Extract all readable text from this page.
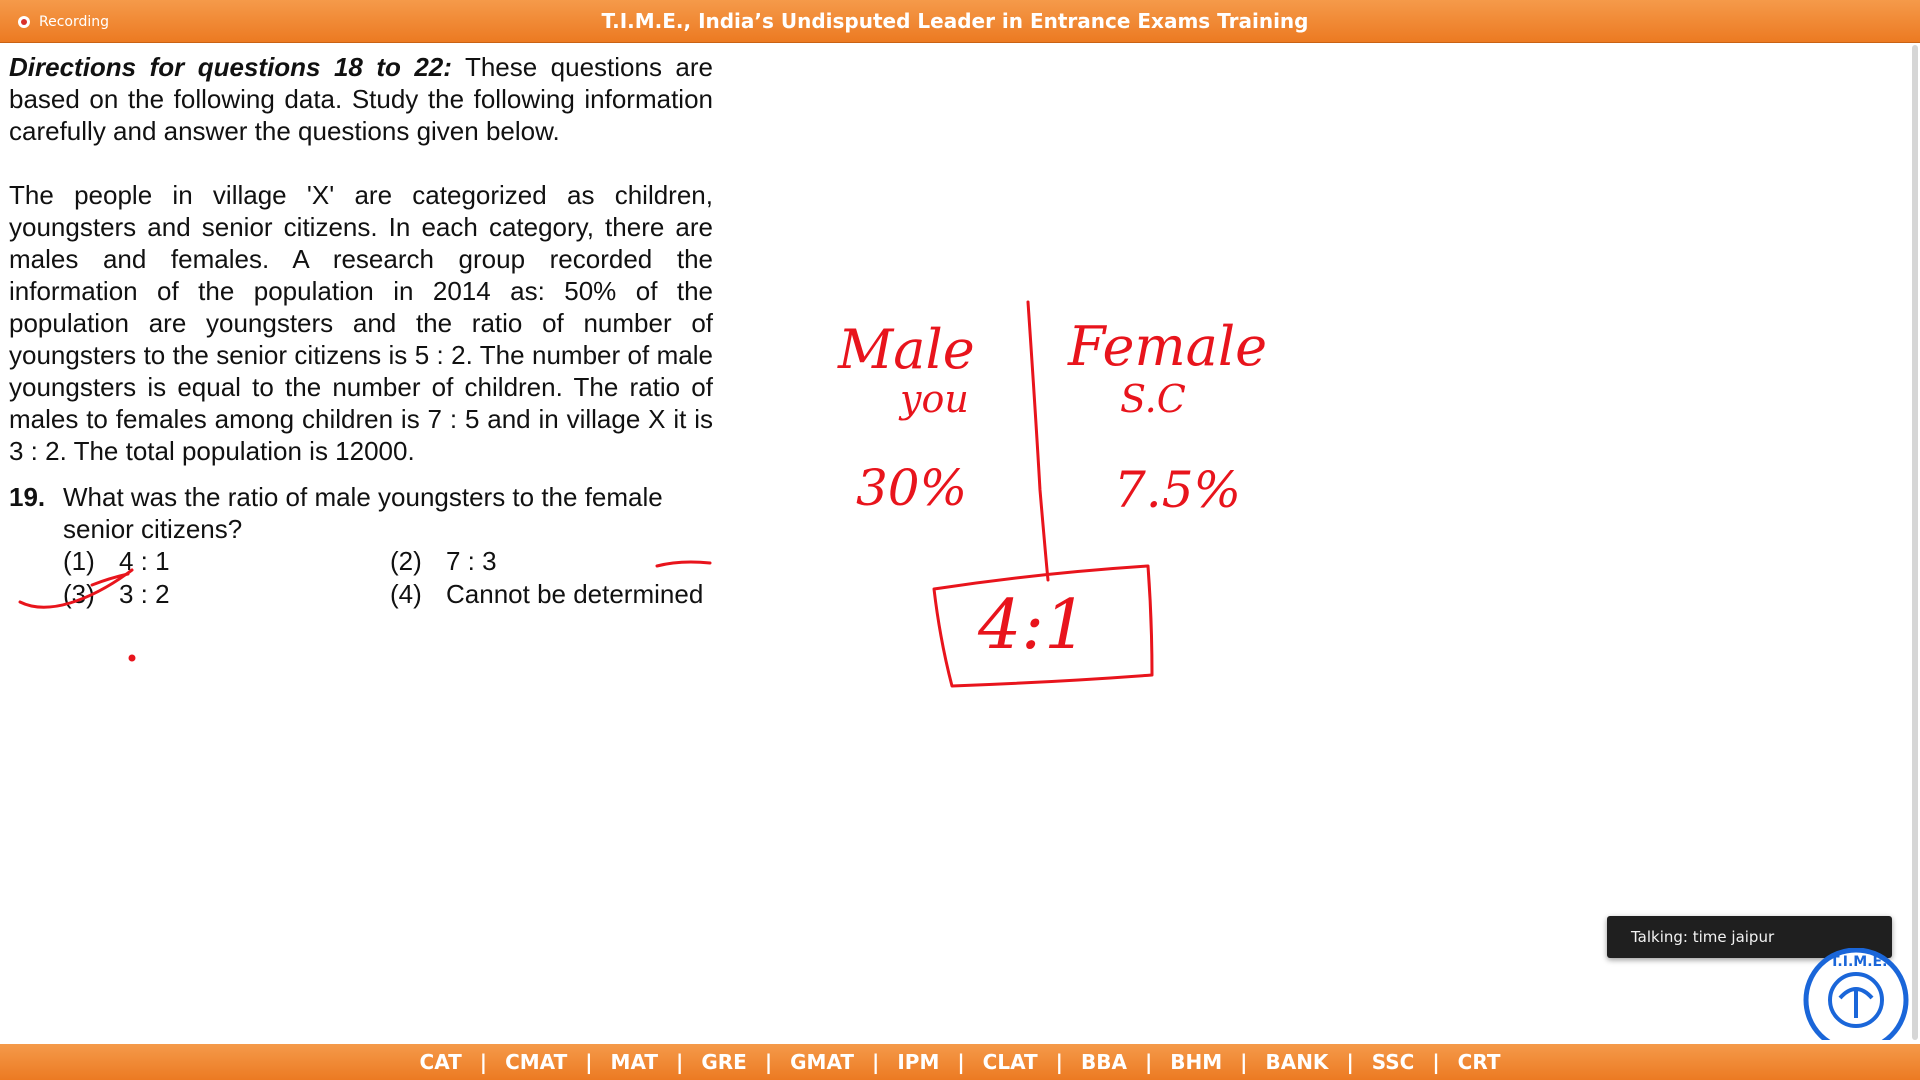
Recording	T.I.M.E., India’s Undisputed Leader in Entrance Exams Training

Directions for questions 18 to 22: These questions are based on the following data. Study the following information carefully and answer the questions given below.

The people in village 'X' are categorized as children, youngsters and senior citizens. In each category, there are males and females. A research group recorded the information of the population in 2014 as: 50% of the population are youngsters and the ratio of number of youngsters to the senior citizens is 5 : 2. The number of male youngsters is equal to the number of children. The ratio of males to females among children is 7 : 5 and in village X it is 3 : 2. The total population is 12000.

19. What was the ratio of male youngsters to the female senior citizens?
(1) 4 : 1	(2) 7 : 3
(3) 3 : 2	(4) Cannot be determined
Male
you
Female
S.C
30%	7.5%
4:1
Talking: time jaipur
T.I.M.E.
CAT | CMAT | MAT | GRE | GMAT | IPM | CLAT | BBA | BHM | BANK | SSC | CRT
